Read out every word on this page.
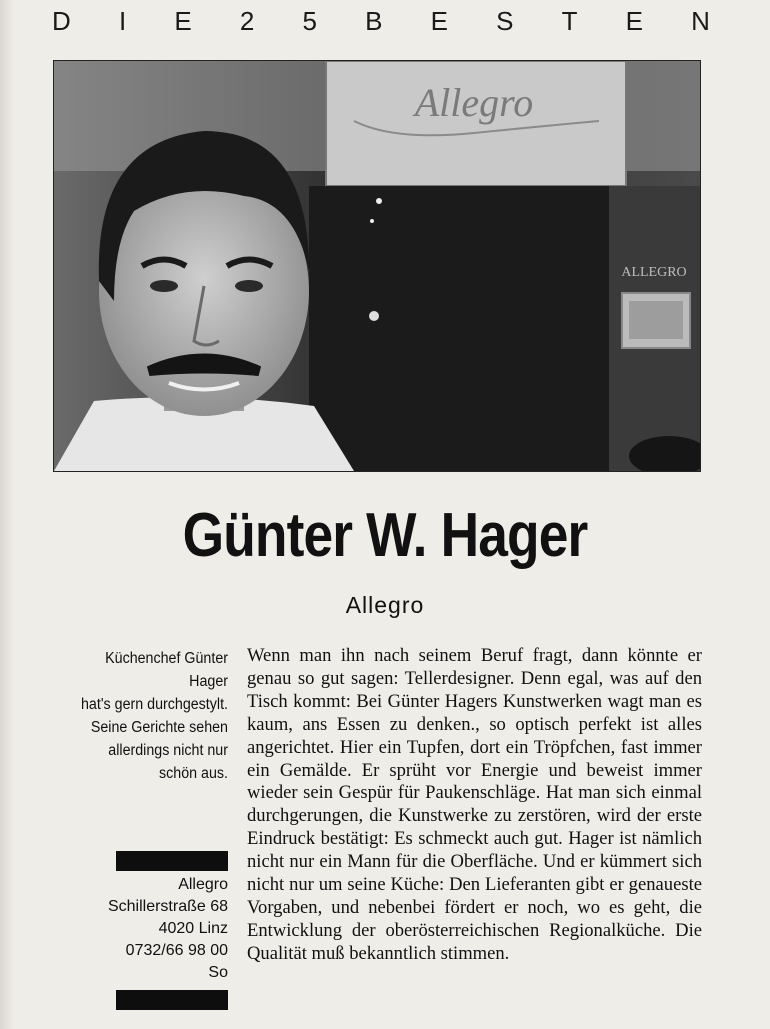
D I E 2 5 B E S T E N
Allegro
ALLEGRO
Günter W. Hager
Allegro
Küchenchef Günter Hager
hat's gern durchgestylt.
Seine Gerichte sehen
allerdings nicht nur
schön aus.
Allegro
Schillerstraße 68
4020 Linz
0732/66 98 00
So

Wenn man ihn nach seinem Beruf fragt, dann könnte er genau so gut sagen: Tellerdesigner. Denn egal, was auf den Tisch kommt: Bei Günter Hagers Kunstwerken wagt man es kaum, ans Essen zu denken., so optisch perfekt ist alles angerichtet. Hier ein Tupfen, dort ein Tröpfchen, fast immer ein Gemälde. Er sprüht vor Energie und beweist immer wieder sein Gespür für Paukenschläge. Hat man sich einmal durchgerungen, die Kunstwerke zu zerstören, wird der erste Eindruck bestätigt: Es schmeckt auch gut. Hager ist nämlich nicht nur ein Mann für die Oberfläche. Und er kümmert sich nicht nur um seine Küche: Den Lieferanten gibt er genaueste Vorgaben, und nebenbei fördert er noch, wo es geht, die Entwicklung der oberösterreichischen Regionalküche. Die Qualität muß bekanntlich stimmen.
